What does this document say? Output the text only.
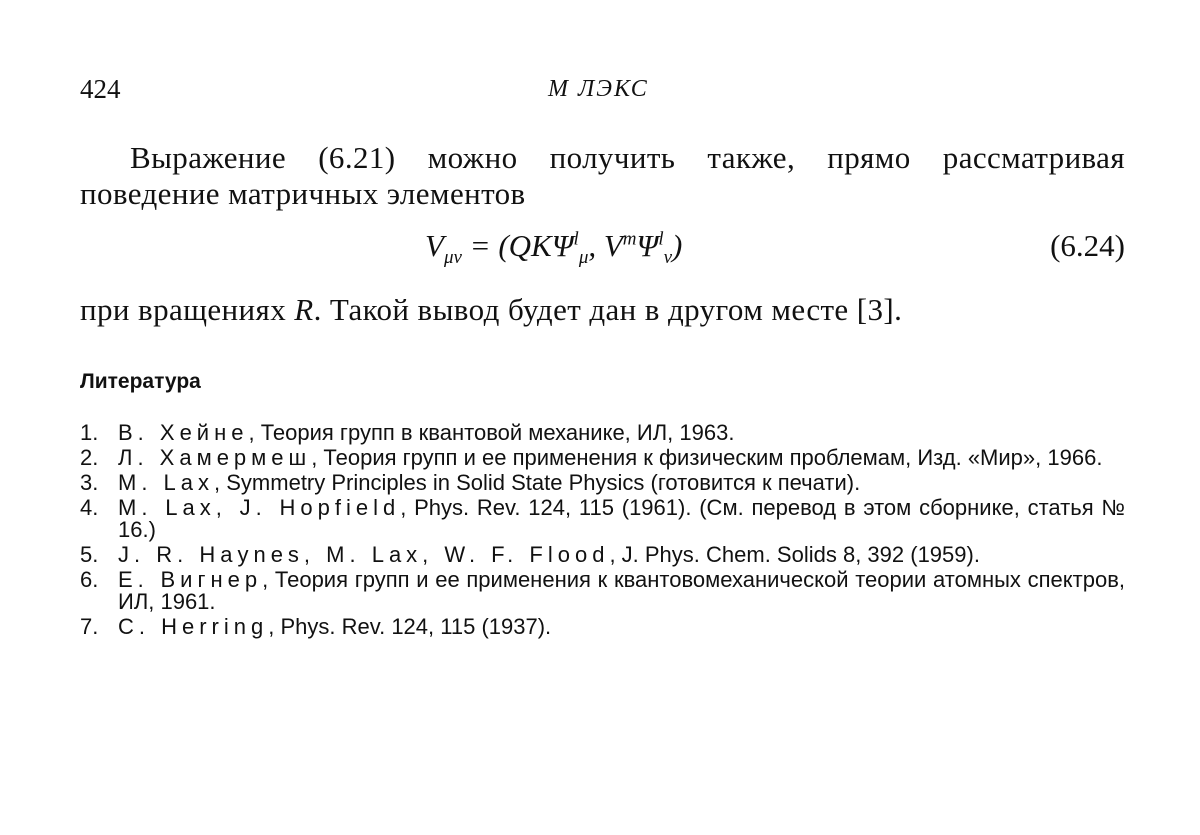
424	М ЛЭКС

Выражение (6.21) можно получить также, прямо рассматривая поведение матричных элементов

$V_{\mu\nu} = (QK\Psi^l_\mu$, $V^m\Psi^l_\nu$)	(6.24)

при вращениях R. Такой вывод будет дан в другом месте [3].

Литература
1. В. Хейне, Теория групп в квантовой механике, ИЛ, 1963.
2. Л. Хамермеш, Теория групп и ее применения к физическим проблемам, Изд. «Мир», 1966.
3. M. Lax, Symmetry Principles in Solid State Physics (готовится к печати).
4. M. Lax, J. Hopfield, Phys. Rev. 124, 115 (1961). (См. перевод в этом сборнике, статья № 16.)
5. J. R. Haynes, M. Lax, W. F. Flood, J. Phys. Chem. Solids 8, 392 (1959).
6. Е. Вигнер, Теория групп и ее применения к квантовомеханической теории атомных спектров, ИЛ, 1961.
7. C. Herring, Phys. Rev. 124, 115 (1937).
